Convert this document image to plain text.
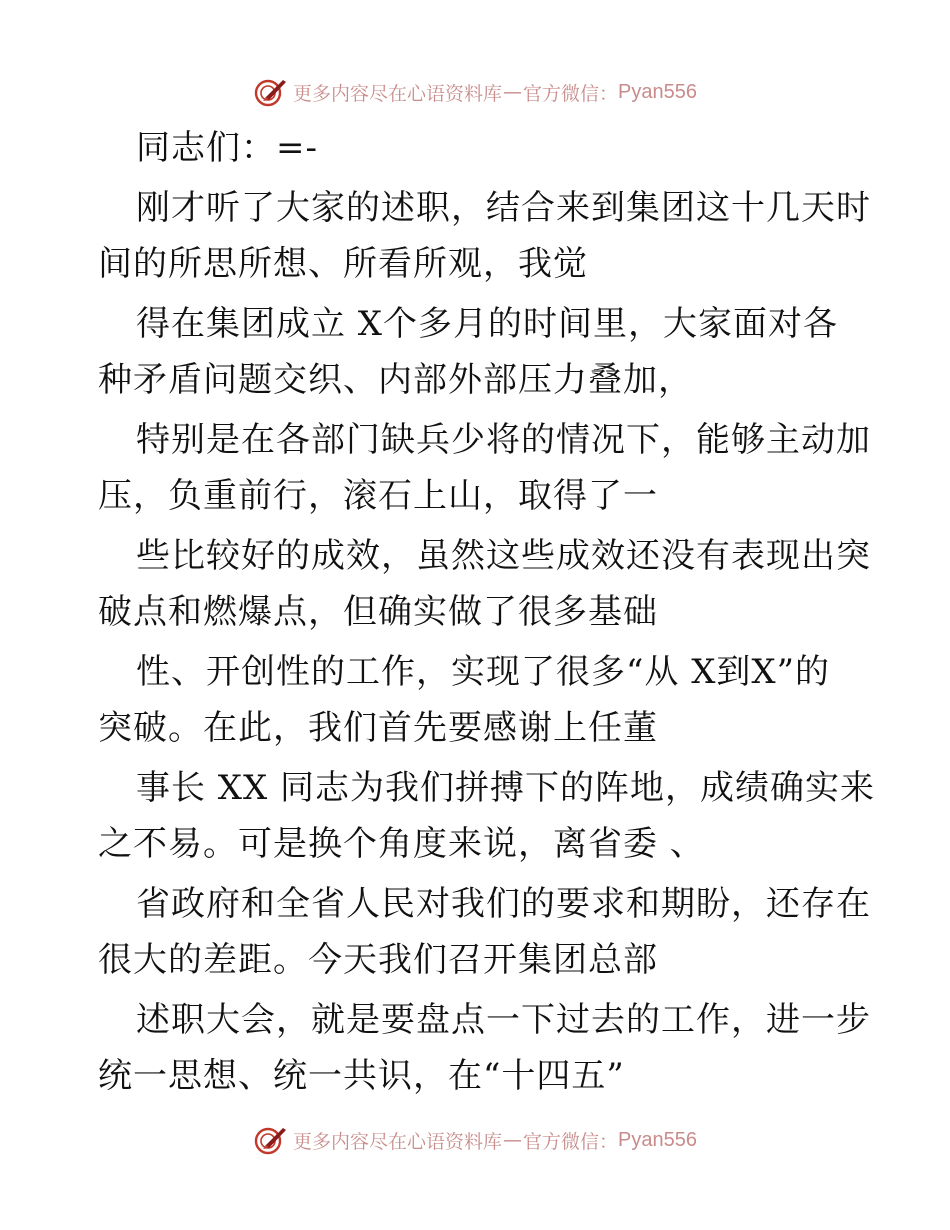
更多内容尽在心语资料库 — 官方微信： Pyan556
同志们：=-
刚才听了大家的述职，结合来到集团这十几天时
间的所思所想、所看所观，我觉
得在集团成立 X个多月的时间里，大家面对各
种矛盾问题交织、内部外部压力叠加，
特别是在各部门缺兵少将的情况下，能够主动加
压，负重前行，滚石上山，取得了一
些比较好的成效，虽然这些成效还没有表现出突
破点和燃爆点，但确实做了很多基础
性、开创性的工作，实现了很多“从 X到X”的
突破。在此，我们首先要感谢上任董
事长 XX 同志为我们拼搏下的阵地，成绩确实来
之不易。可是换个角度来说，离省委 、
省政府和全省人民对我们的要求和期盼，还存在
很大的差距。今天我们召开集团总部
述职大会，就是要盘点一下过去的工作，进一步
统一思想、统一共识，在“十四五”
更多内容尽在心语资料库 — 官方微信： Pyan556
